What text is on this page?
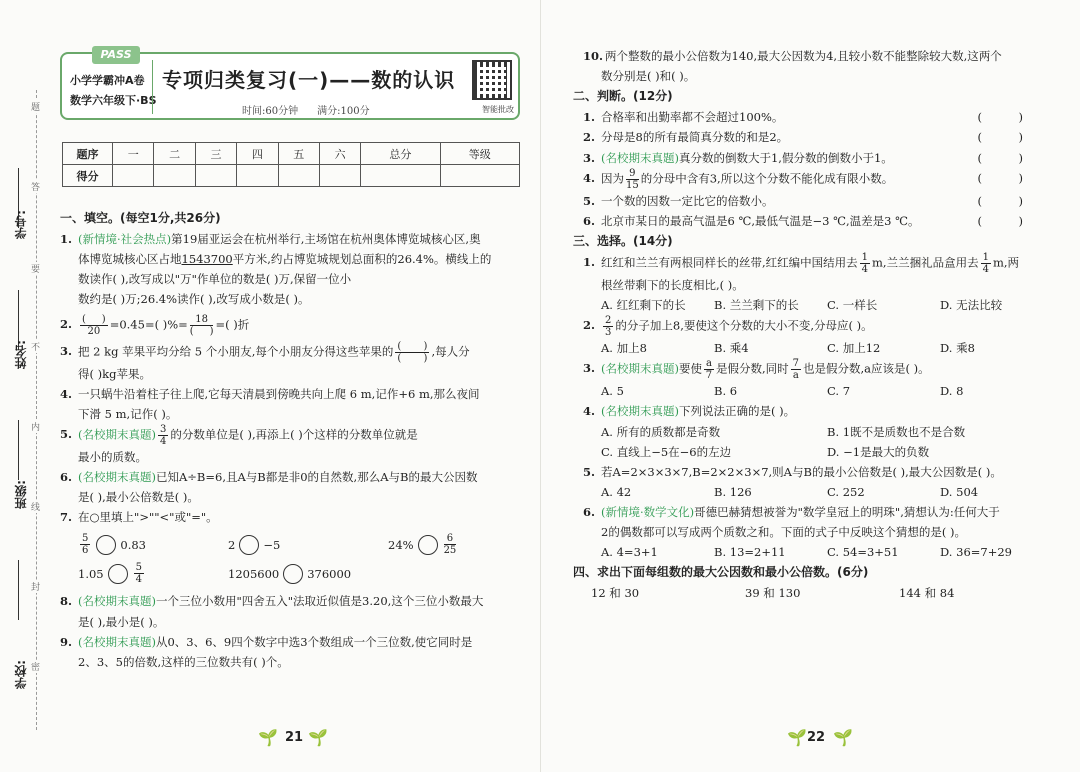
学号:
姓名:
班级:
学校:
题
答
要
不
内
线
封
密
PASS
小学学霸冲A卷
数学六年级下·BS
专项归类复习(一)——数的认识
时间:60分钟 满分:100分	智能批改
题序	一	二	三	四	五	六	总分	等级
得分								
一、填空。(每空1分,共26分)
1. (新情境·社会热点)第19届亚运会在杭州举行,主场馆在杭州奥体博览城核心区,奥
体博览城核心区占地1543700平方米,约占博览城规划总面积的26.4%。横线上的
数读作( ),改写成以"万"作单位的数是( )万,保留一位小
数约是( )万;26.4%读作( ),改写成小数是( )。
2. $\frac{( )}{20} =0.45=$( )%= $\frac{18}{( )}$ =( )折
3. 把 2 kg 苹果平均分给 5 个小朋友,每个小朋友分得这些苹果的 $\frac{( )}{( )}$ ,每人分
得( )kg苹果。
4. 一只蜗牛沿着柱子往上爬,它每天清晨到傍晚共向上爬 6 m,记作+6 m,那么夜间
下滑 5 m,记作( )。
5. (名校期末真题) $\frac{3}{4}$ 的分数单位是( ),再添上( )个这样的分数单位就是
最小的质数。
6. (名校期末真题)已知A÷B=6,且A与B都是非0的自然数,那么A与B的最大公因数
是( ),最小公倍数是( )。
7. 在○里填上">""<"或"="。
$\frac{5}{6}$	0.83	2 −5	24%	$\frac{6}{25}$
1.05	$\frac{5}{4}$	1205600 376000
8. (名校期末真题)一个三位小数用"四舍五入"法取近似值是3.20,这个三位小数最大
是( ),最小是( )。
9. (名校期末真题)从0、3、6、9四个数字中选3个数组成一个三位数,使它同时是
2、3、5的倍数,这样的三位数共有( )个。
🌱 21 🌱
10. 两个整数的最小公倍数为140,最大公因数为4,且较小数不能整除较大数,这两个
数分别是( )和( )。
二、判断。(12分)
1. 合格率和出勤率都不会超过100%。
( )
2. 分母是8的所有最简真分数的和是2。
( )
3. (名校期末真题)真分数的倒数大于1,假分数的倒数小于1。
( )
4. 因为 $\frac{9}{15}$ 的分母中含有3,所以这个分数不能化成有限小数。
( )
5. 一个数的因数一定比它的倍数小。
( )
6. 北京市某日的最高气温是6 ℃,最低气温是−3 ℃,温差是3 ℃。
( )
三、选择。(14分)
1. 红红和兰兰有两根同样长的丝带,红红编中国结用去 $\frac{1}{4} m$,兰兰捆礼品盒用去 $\frac{1}{4} m$,两
根丝带剩下的长度相比,( )。
A. 红红剩下的长	B. 兰兰剩下的长	C. 一样长	D. 无法比较
2. $\frac{2}{3}$ 的分子加上8,要使这个分数的大小不变,分母应( )。
A. 加上8	B. 乘4	C. 加上12	D. 乘8
3. (名校期末真题)要使 $\frac{a}{7}$ 是假分数,同时 $\frac{7}{a}$ 也是假分数,a应该是( )。
A. 5	B. 6	C. 7	D. 8
4. (名校期末真题)下列说法正确的是( )。
A. 所有的质数都是奇数	B. 1既不是质数也不是合数
C. 直线上−5在−6的左边	D. −1是最大的负数
5. 若A=2×3×3×7,B=2×2×3×7,则A与B的最小公倍数是( ),最大公因数是( )。
A. 42	B. 126	C. 252	D. 504
6. (新情境·数学文化)哥德巴赫猜想被誉为"数学皇冠上的明珠",猜想认为:任何大于
2的偶数都可以写成两个质数之和。下面的式子中反映这个猜想的是( )。
A. 4=3+1	B. 13=2+11	C. 54=3+51	D. 36=7+29
四、求出下面每组数的最大公因数和最小公倍数。(6分)
12 和 30	39 和 130	144 和 84
🌱 22 🌱
